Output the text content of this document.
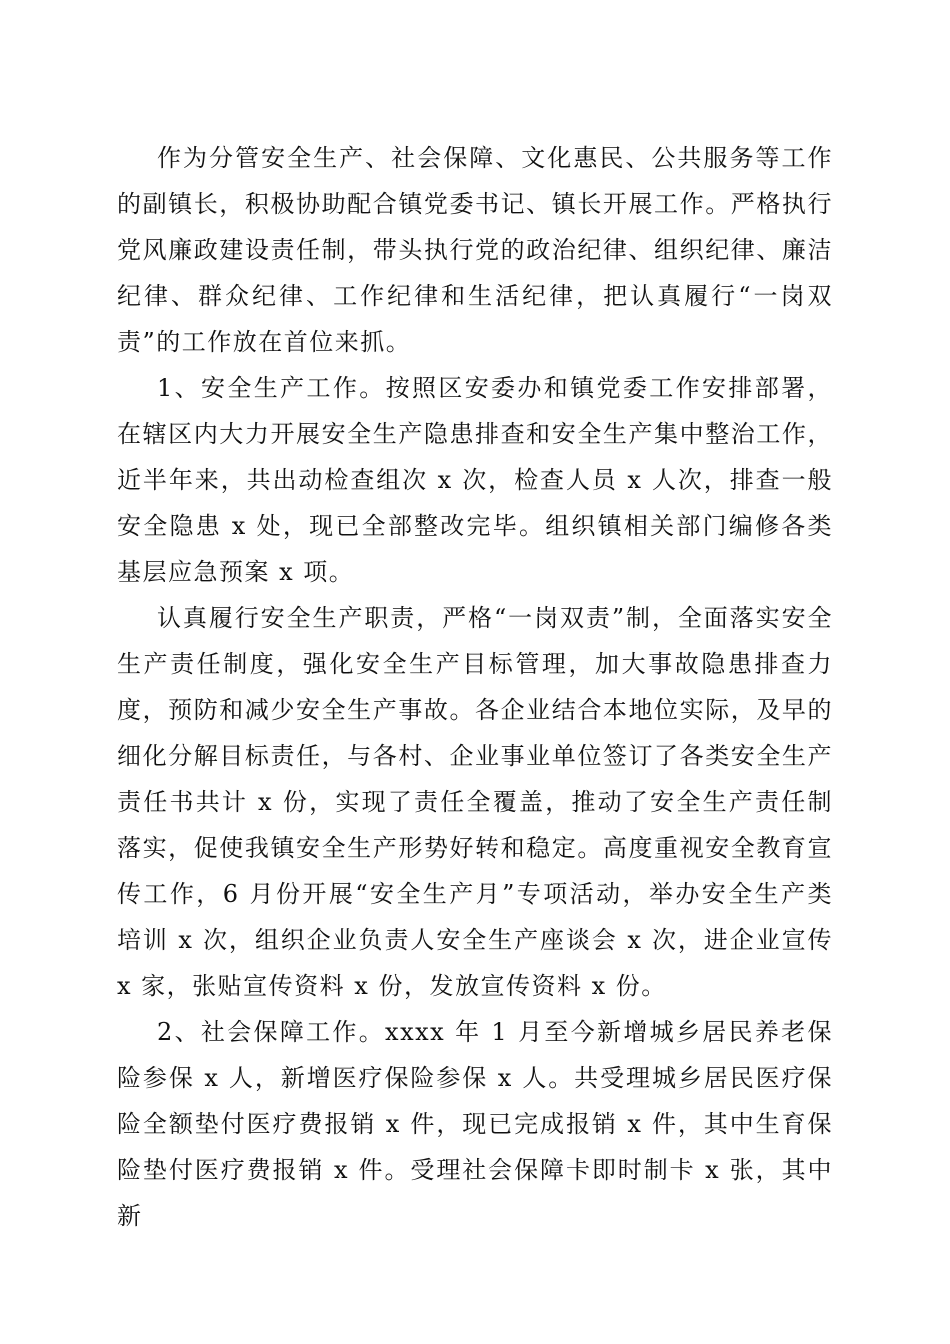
作为分管安全生产、社会保障、文化惠民、公共服务等工作的副镇长，积极协助配合镇党委书记、镇长开展工作。严格执行党风廉政建设责任制，带头执行党的政治纪律、组织纪律、廉洁纪律、群众纪律、工作纪律和生活纪律，把认真履行“一岗双责”的工作放在首位来抓。

1、安全生产工作。按照区安委办和镇党委工作安排部署，在辖区内大力开展安全生产隐患排查和安全生产集中整治工作，近半年来，共出动检查组次 x 次，检查人员 x 人次，排查一般安全隐患 x 处，现已全部整改完毕。组织镇相关部门编修各类基层应急预案 x 项。

认真履行安全生产职责，严格“一岗双责”制，全面落实安全生产责任制度，强化安全生产目标管理，加大事故隐患排查力度，预防和减少安全生产事故。各企业结合本地位实际，及早的细化分解目标责任，与各村、企业事业单位签订了各类安全生产责任书共计 x 份，实现了责任全覆盖，推动了安全生产责任制落实，促使我镇安全生产形势好转和稳定。高度重视安全教育宣传工作，6 月份开展“安全生产月”专项活动，举办安全生产类培训 x 次，组织企业负责人安全生产座谈会 x 次，进企业宣传 x 家，张贴宣传资料 x 份，发放宣传资料 x 份。

2、社会保障工作。xxxx 年 1 月至今新增城乡居民养老保险参保 x 人，新增医疗保险参保 x 人。共受理城乡居民医疗保险全额垫付医疗费报销 x 件，现已完成报销 x 件，其中生育保险垫付医疗费报销 x 件。受理社会保障卡即时制卡 x 张，其中新
